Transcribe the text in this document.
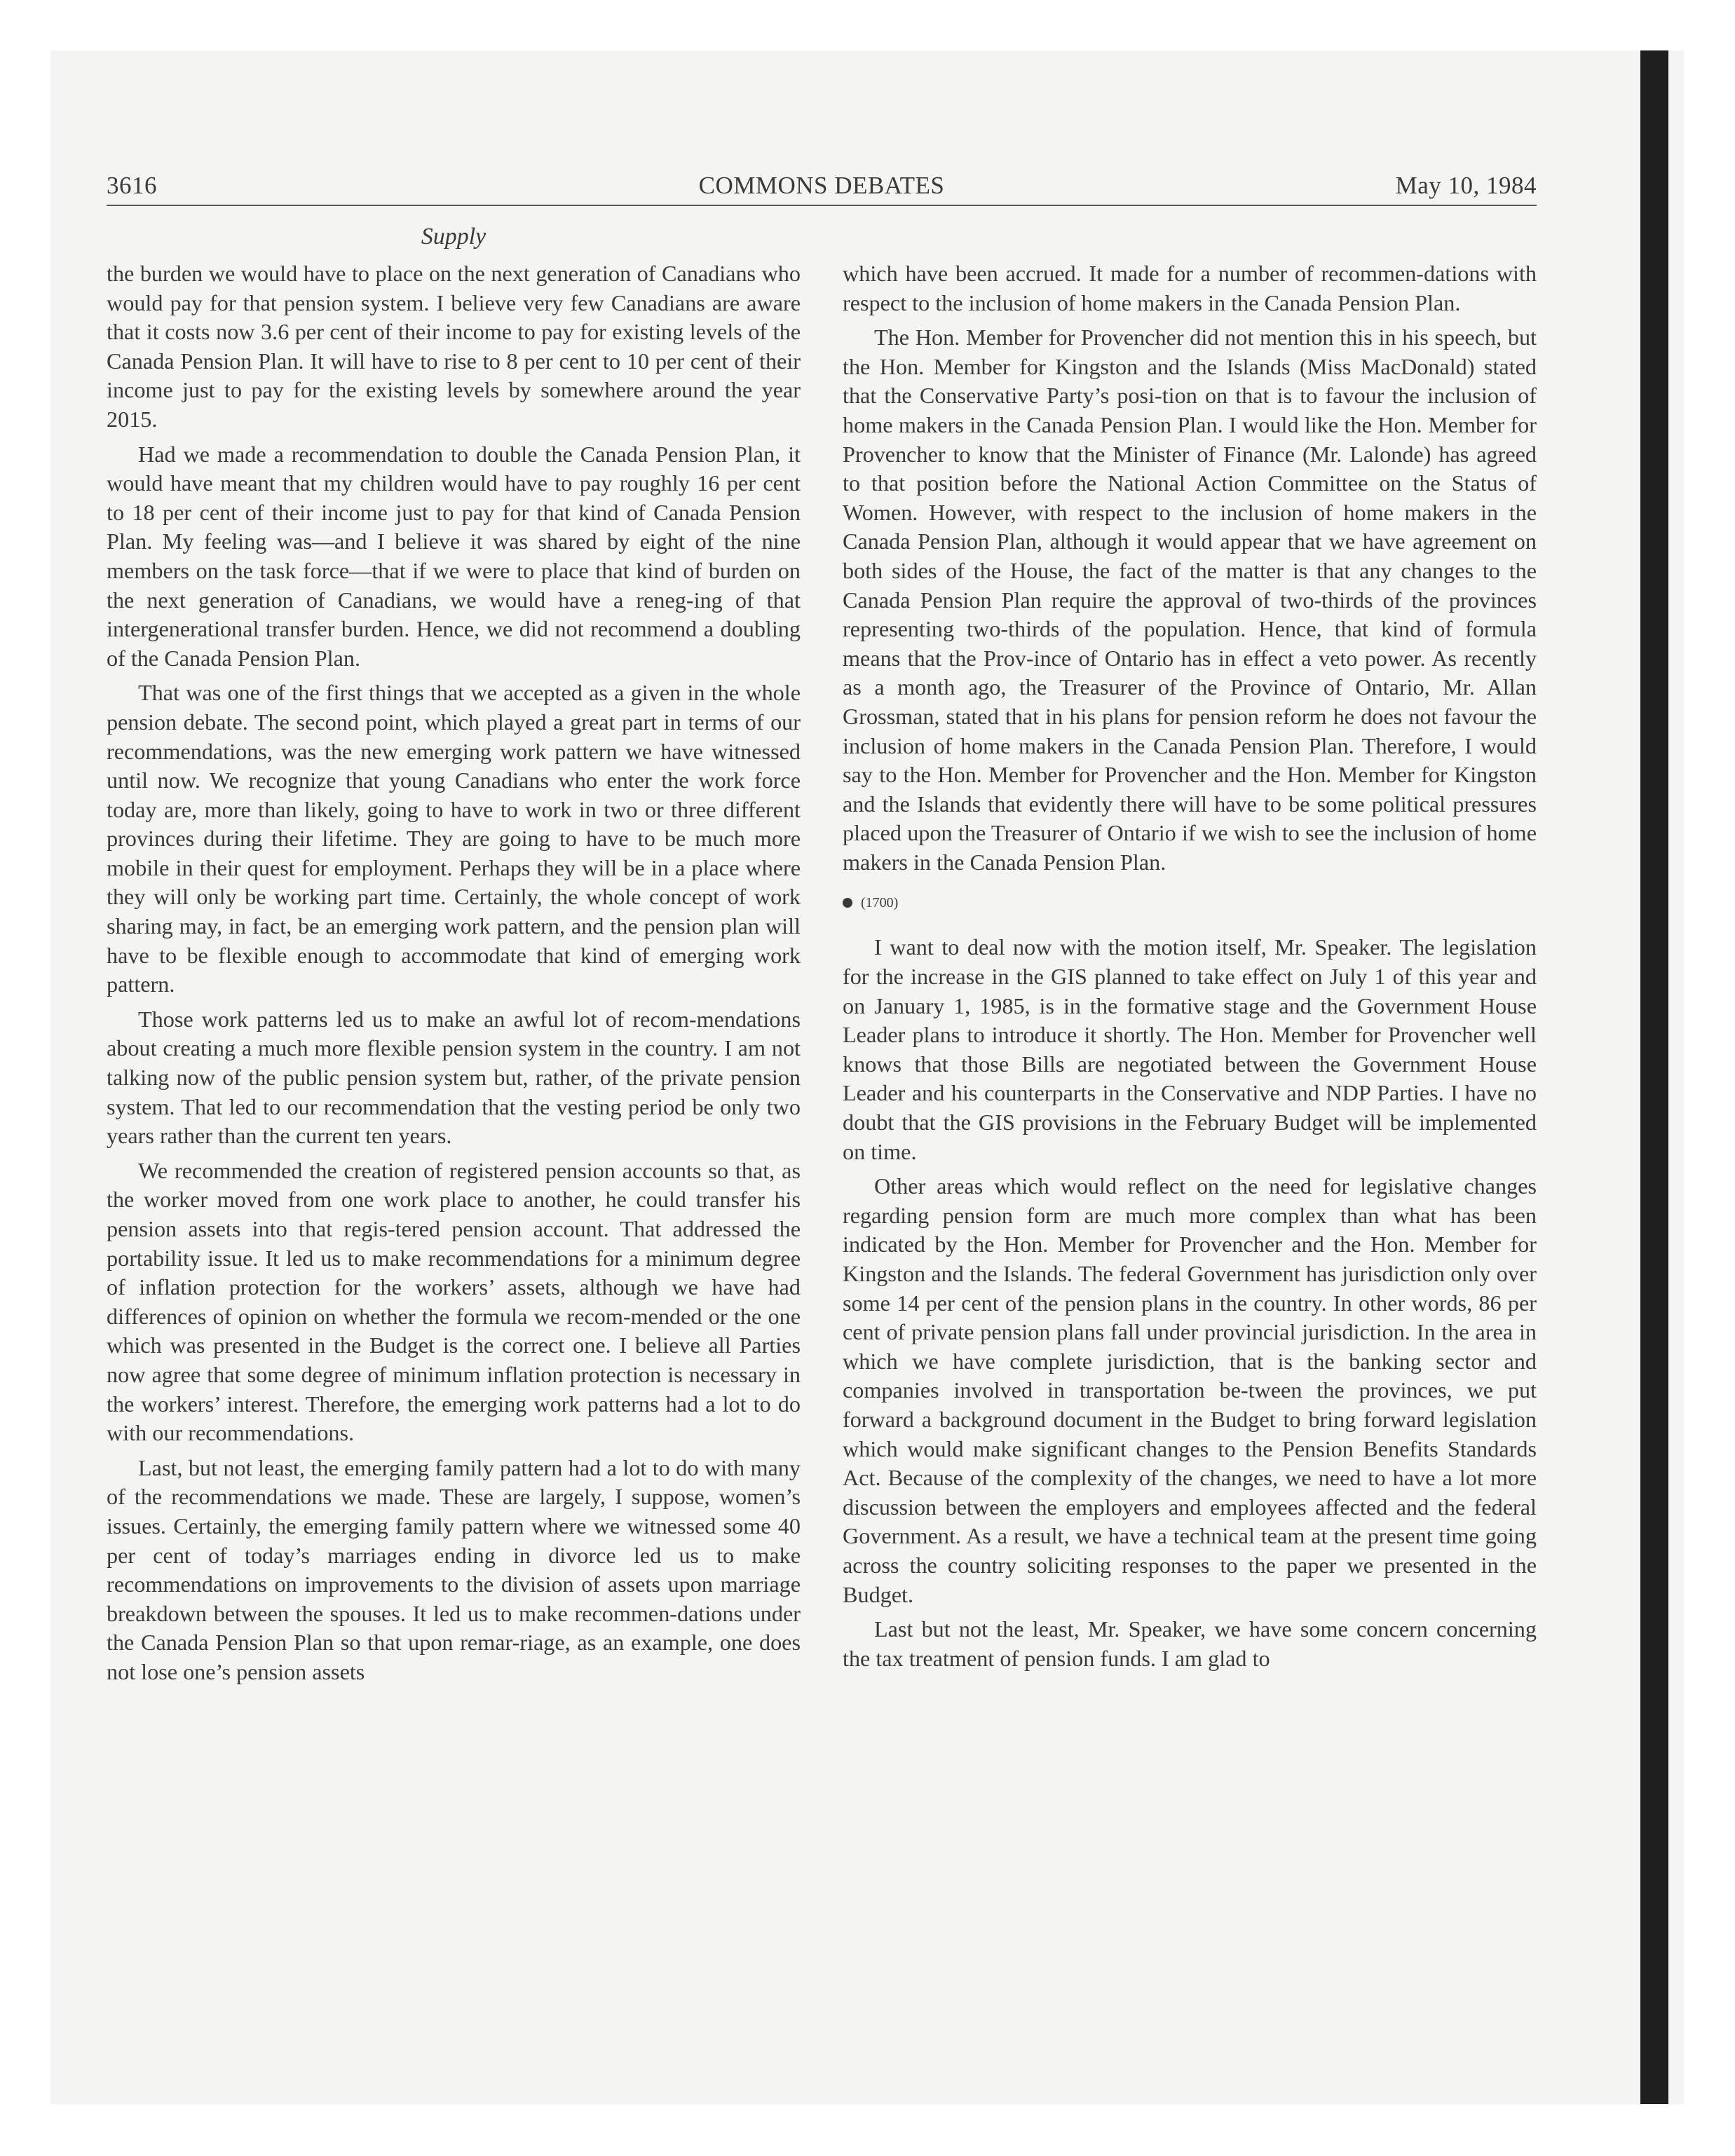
3616	COMMONS DEBATES	May 10, 1984
Supply

the burden we would have to place on the next generation of Canadians who would pay for that pension system. I believe very few Canadians are aware that it costs now 3.6 per cent of their income to pay for existing levels of the Canada Pension Plan. It will have to rise to 8 per cent to 10 per cent of their income just to pay for the existing levels by somewhere around the year 2015.

Had we made a recommendation to double the Canada Pension Plan, it would have meant that my children would have to pay roughly 16 per cent to 18 per cent of their income just to pay for that kind of Canada Pension Plan. My feeling was—and I believe it was shared by eight of the nine members on the task force—that if we were to place that kind of burden on the next generation of Canadians, we would have a reneg-ing of that intergenerational transfer burden. Hence, we did not recommend a doubling of the Canada Pension Plan.

That was one of the first things that we accepted as a given in the whole pension debate. The second point, which played a great part in terms of our recommendations, was the new emerging work pattern we have witnessed until now. We recognize that young Canadians who enter the work force today are, more than likely, going to have to work in two or three different provinces during their lifetime. They are going to have to be much more mobile in their quest for employment. Perhaps they will be in a place where they will only be working part time. Certainly, the whole concept of work sharing may, in fact, be an emerging work pattern, and the pension plan will have to be flexible enough to accommodate that kind of emerging work pattern.

Those work patterns led us to make an awful lot of recom-mendations about creating a much more flexible pension system in the country. I am not talking now of the public pension system but, rather, of the private pension system. That led to our recommendation that the vesting period be only two years rather than the current ten years.

We recommended the creation of registered pension accounts so that, as the worker moved from one work place to another, he could transfer his pension assets into that regis-tered pension account. That addressed the portability issue. It led us to make recommendations for a minimum degree of inflation protection for the workers’ assets, although we have had differences of opinion on whether the formula we recom-mended or the one which was presented in the Budget is the correct one. I believe all Parties now agree that some degree of minimum inflation protection is necessary in the workers’ interest. Therefore, the emerging work patterns had a lot to do with our recommendations.

Last, but not least, the emerging family pattern had a lot to do with many of the recommendations we made. These are largely, I suppose, women’s issues. Certainly, the emerging family pattern where we witnessed some 40 per cent of today’s marriages ending in divorce led us to make recommendations on improvements to the division of assets upon marriage breakdown between the spouses. It led us to make recommen-dations under the Canada Pension Plan so that upon remar-riage, as an example, one does not lose one’s pension assets

which have been accrued. It made for a number of recommen-dations with respect to the inclusion of home makers in the Canada Pension Plan.

The Hon. Member for Provencher did not mention this in his speech, but the Hon. Member for Kingston and the Islands (Miss MacDonald) stated that the Conservative Party’s posi-tion on that is to favour the inclusion of home makers in the Canada Pension Plan. I would like the Hon. Member for Provencher to know that the Minister of Finance (Mr. Lalonde) has agreed to that position before the National Action Committee on the Status of Women. However, with respect to the inclusion of home makers in the Canada Pension Plan, although it would appear that we have agreement on both sides of the House, the fact of the matter is that any changes to the Canada Pension Plan require the approval of two-thirds of the provinces representing two-thirds of the population. Hence, that kind of formula means that the Prov-ince of Ontario has in effect a veto power. As recently as a month ago, the Treasurer of the Province of Ontario, Mr. Allan Grossman, stated that in his plans for pension reform he does not favour the inclusion of home makers in the Canada Pension Plan. Therefore, I would say to the Hon. Member for Provencher and the Hon. Member for Kingston and the Islands that evidently there will have to be some political pressures placed upon the Treasurer of Ontario if we wish to see the inclusion of home makers in the Canada Pension Plan.

(1700)

I want to deal now with the motion itself, Mr. Speaker. The legislation for the increase in the GIS planned to take effect on July 1 of this year and on January 1, 1985, is in the formative stage and the Government House Leader plans to introduce it shortly. The Hon. Member for Provencher well knows that those Bills are negotiated between the Government House Leader and his counterparts in the Conservative and NDP Parties. I have no doubt that the GIS provisions in the February Budget will be implemented on time.

Other areas which would reflect on the need for legislative changes regarding pension form are much more complex than what has been indicated by the Hon. Member for Provencher and the Hon. Member for Kingston and the Islands. The federal Government has jurisdiction only over some 14 per cent of the pension plans in the country. In other words, 86 per cent of private pension plans fall under provincial jurisdiction. In the area in which we have complete jurisdiction, that is the banking sector and companies involved in transportation be-tween the provinces, we put forward a background document in the Budget to bring forward legislation which would make significant changes to the Pension Benefits Standards Act. Because of the complexity of the changes, we need to have a lot more discussion between the employers and employees affected and the federal Government. As a result, we have a technical team at the present time going across the country soliciting responses to the paper we presented in the Budget.

Last but not the least, Mr. Speaker, we have some concern concerning the tax treatment of pension funds. I am glad to
